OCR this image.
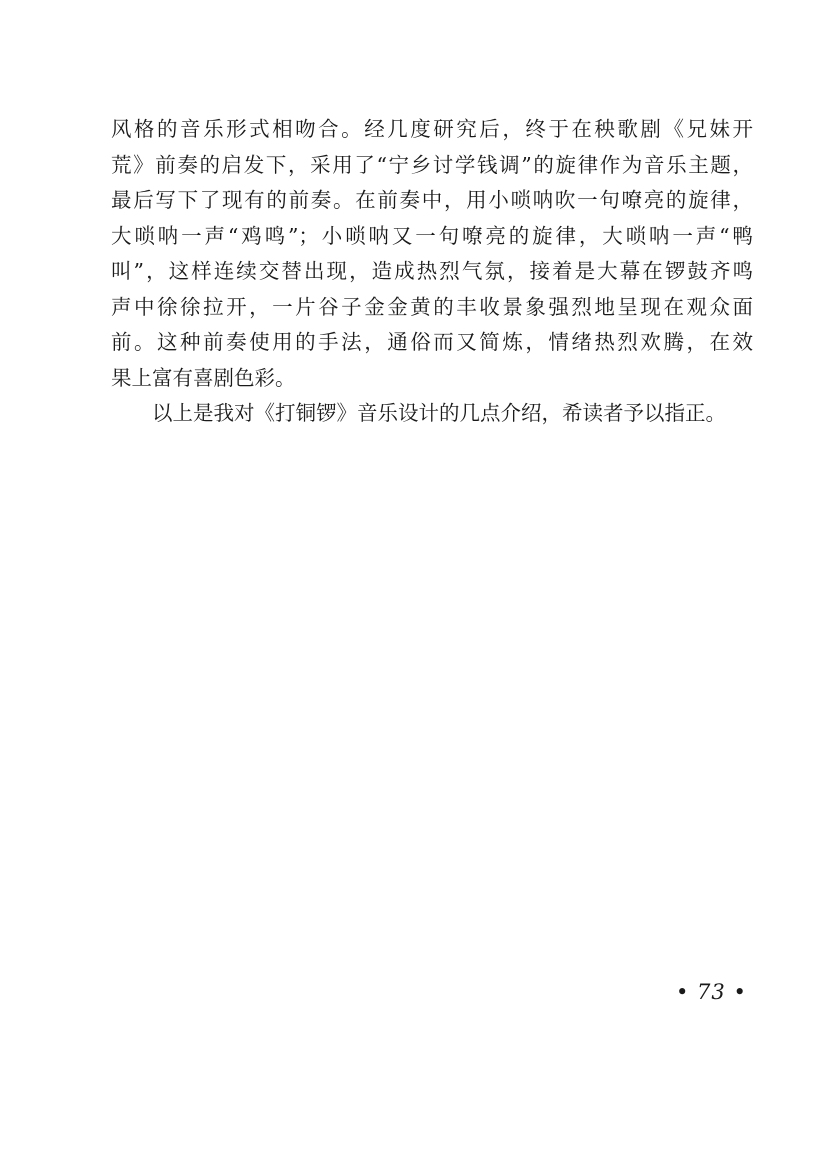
风格的音乐形式相吻合。经几度研究后，终于在秧歌剧《兄妹开
荒》前奏的启发下，采用了“宁乡讨学钱调”的旋律作为音乐主题，
最后写下了现有的前奏。在前奏中，用小唢呐吹一句嘹亮的旋律，
大唢呐一声“鸡鸣”；小唢呐又一句嘹亮的旋律，大唢呐一声“鸭
叫”，这样连续交替出现，造成热烈气氛，接着是大幕在锣鼓齐鸣
声中徐徐拉开，一片谷子金金黄的丰收景象强烈地呈现在观众面
前。这种前奏使用的手法，通俗而又简炼，情绪热烈欢腾，在效
果上富有喜剧色彩。
以上是我对《打铜锣》音乐设计的几点介绍，希读者予以指正。
• 73 •
